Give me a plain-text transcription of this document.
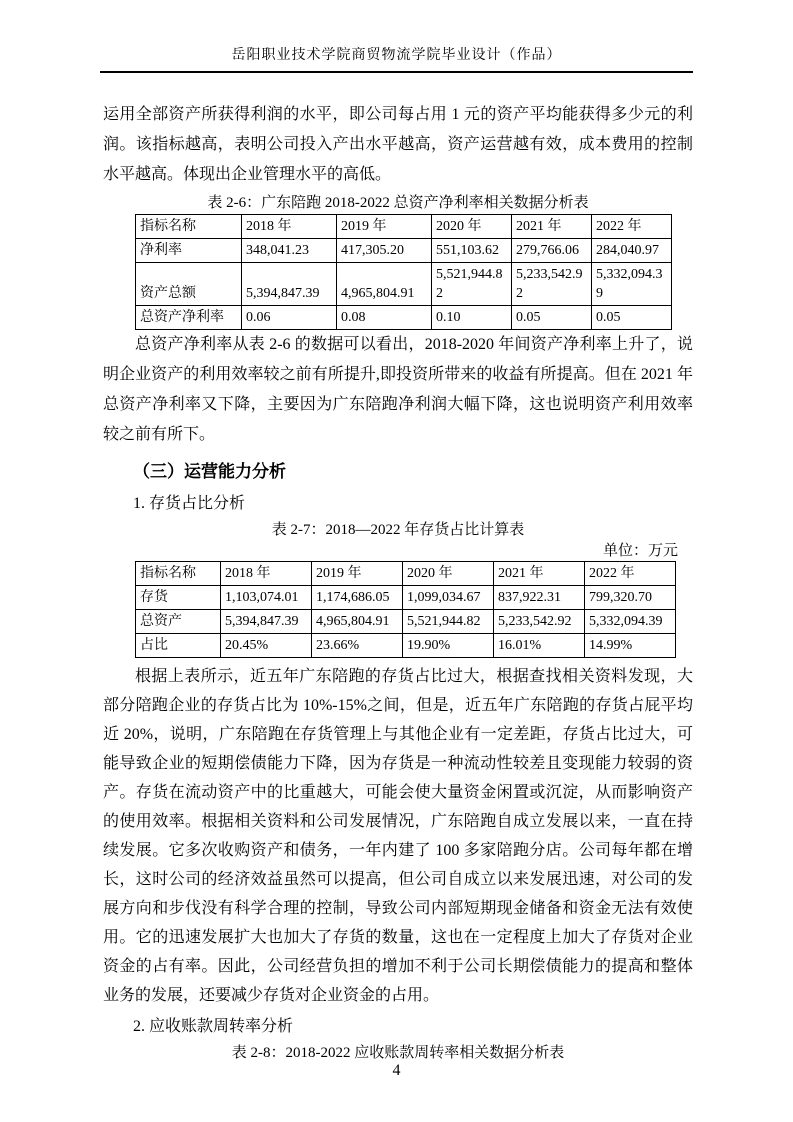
岳阳职业技术学院商贸物流学院毕业设计（作品）

运用全部资产所获得利润的水平，即公司每占用 1 元的资产平均能获得多少元的利润。该指标越高，表明公司投入产出水平越高，资产运营越有效，成本费用的控制水平越高。体现出企业管理水平的高低。

表 2-6：广东陪跑 2018-2022 总资产净利率相关数据分析表
指标名称	2018 年	2019 年	2020 年	2021 年	2022 年
净利率	348,041.23	417,305.20	551,103.62	279,766.06	284,040.97
资产总额	5,394,847.39	4,965,804.91	5,521,944.82	5,233,542.92	5,332,094.39
总资产净利率	0.06	0.08	0.10	0.05	0.05

总资产净利率从表 2-6 的数据可以看出，2018-2020 年间资产净利率上升了，说明企业资产的利用效率较之前有所提升,即投资所带来的收益有所提高。但在 2021 年总资产净利率又下降，主要因为广东陪跑净利润大幅下降，这也说明资产利用效率较之前有所下。

（三）运营能力分析
1. 存货占比分析
表 2-7：2018—2022 年存货占比计算表
单位：万元
指标名称	2018 年	2019 年	2020 年	2021 年	2022 年
存货	1,103,074.01	1,174,686.05	1,099,034.67	837,922.31	799,320.70
总资产	5,394,847.39	4,965,804.91	5,521,944.82	5,233,542.92	5,332,094.39
占比	20.45%	23.66%	19.90%	16.01%	14.99%

根据上表所示，近五年广东陪跑的存货占比过大，根据查找相关资料发现，大部分陪跑企业的存货占比为 10%-15%之间，但是，近五年广东陪跑的存货占屁平均近 20%，说明，广东陪跑在存货管理上与其他企业有一定差距，存货占比过大，可能导致企业的短期偿债能力下降，因为存货是一种流动性较差且变现能力较弱的资产。存货在流动资产中的比重越大，可能会使大量资金闲置或沉淀，从而影响资产的使用效率。根据相关资料和公司发展情况，广东陪跑自成立发展以来，一直在持续发展。它多次收购资产和债务，一年内建了 100 多家陪跑分店。公司每年都在增长，这时公司的经济效益虽然可以提高，但公司自成立以来发展迅速，对公司的发展方向和步伐没有科学合理的控制，导致公司内部短期现金储备和资金无法有效使用。它的迅速发展扩大也加大了存货的数量，这也在一定程度上加大了存货对企业资金的占有率。因此，公司经营负担的增加不利于公司长期偿债能力的提高和整体业务的发展，还要减少存货对企业资金的占用。

2. 应收账款周转率分析
表 2-8：2018-2022 应收账款周转率相关数据分析表
4
